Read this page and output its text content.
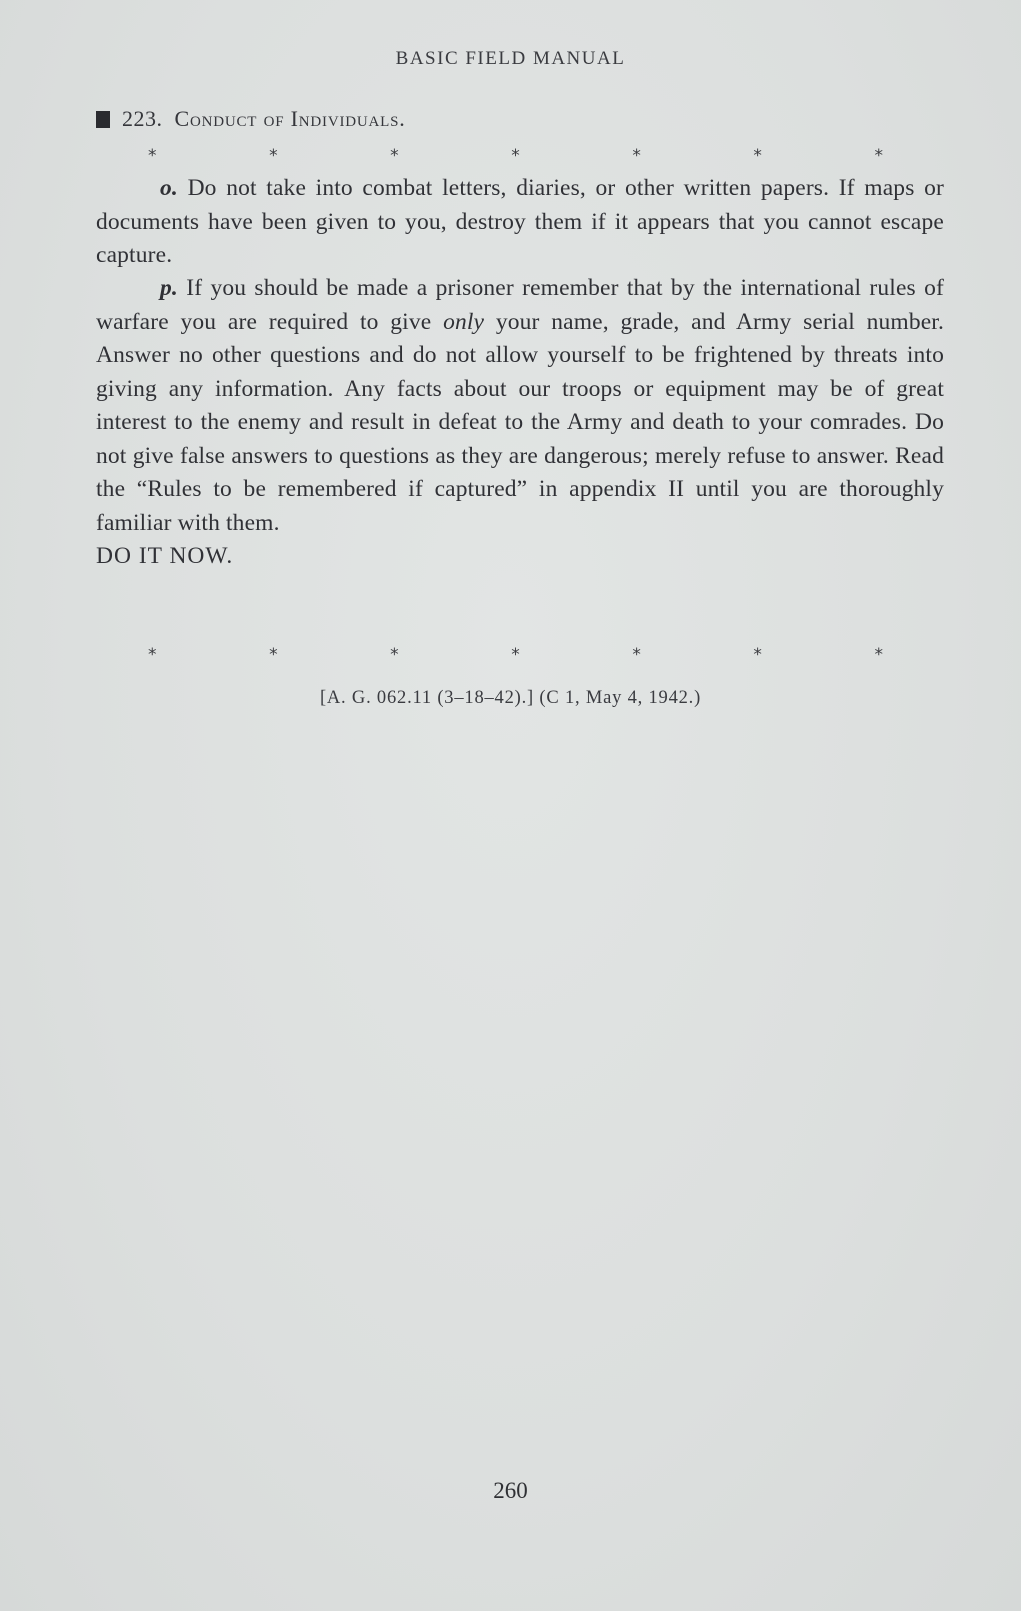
BASIC FIELD MANUAL
223. Conduct of Individuals.
*	*	*	*	*	*	*

o. Do not take into combat letters, diaries, or other written papers. If maps or documents have been given to you, destroy them if it appears that you cannot escape capture.

p. If you should be made a prisoner remember that by the international rules of warfare you are required to give only your name, grade, and Army serial number. Answer no other questions and do not allow yourself to be frightened by threats into giving any information. Any facts about our troops or equipment may be of great interest to the enemy and result in defeat to the Army and death to your comrades. Do not give false answers to questions as they are dangerous; merely refuse to answer. Read the “Rules to be remembered if captured” in appendix II until you are thoroughly familiar with them.
DO IT NOW.

*	*	*	*	*	*	*
[A. G. 062.11 (3–18–42).] (C 1, May 4, 1942.)
260
